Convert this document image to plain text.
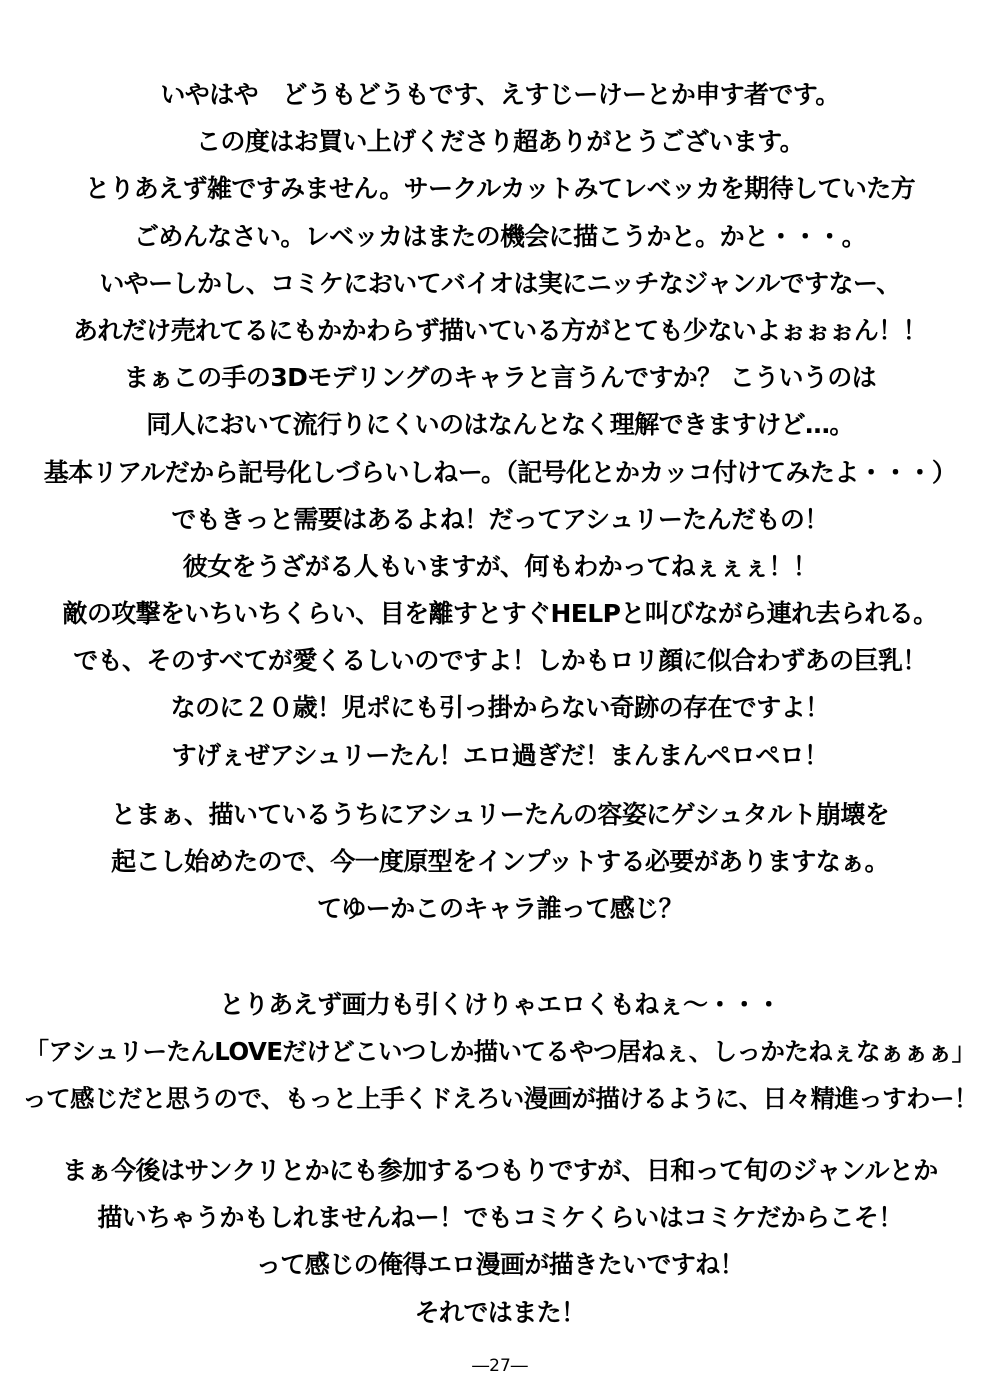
いやはや　どうもどうもです、えすじーけーとか申す者です。
この度はお買い上げくださり超ありがとうございます。
とりあえず雑ですみません。サークルカットみてレベッカを期待していた方
ごめんなさい。レベッカはまたの機会に描こうかと。かと・・・。
いやーしかし、コミケにおいてバイオは実にニッチなジャンルですなー、
あれだけ売れてるにもかかわらず描いている方がとても少ないよぉぉぉん！！
まぁこの手の3Dモデリングのキャラと言うんですか？ こういうのは
同人において流行りにくいのはなんとなく理解できますけど…。
基本リアルだから記号化しづらいしねー。（記号化とかカッコ付けてみたよ・・・）
でもきっと需要はあるよね！だってアシュリーたんだもの！
彼女をうざがる人もいますが、何もわかってねぇぇぇ！！
敵の攻撃をいちいちくらい、目を離すとすぐHELPと叫びながら連れ去られる。
でも、そのすべてが愛くるしいのですよ！しかもロリ顔に似合わずあの巨乳！
なのに２０歳！児ポにも引っ掛からない奇跡の存在ですよ！
すげぇぜアシュリーたん！エロ過ぎだ！まんまんペロペロ！
とまぁ、描いているうちにアシュリーたんの容姿にゲシュタルト崩壊を
起こし始めたので、今一度原型をインプットする必要がありますなぁ。
てゆーかこのキャラ誰って感じ？
とりあえず画力も引くけりゃエロくもねぇ～・・・
「アシュリーたんLOVEだけどこいつしか描いてるやつ居ねぇ、しっかたねぇなぁぁぁ」
って感じだと思うので、もっと上手くドえろい漫画が描けるように、日々精進っすわー！
まぁ今後はサンクリとかにも参加するつもりですが、日和って旬のジャンルとか
描いちゃうかもしれませんねー！でもコミケくらいはコミケだからこそ！
って感じの俺得エロ漫画が描きたいですね！
それではまた！
―27―
